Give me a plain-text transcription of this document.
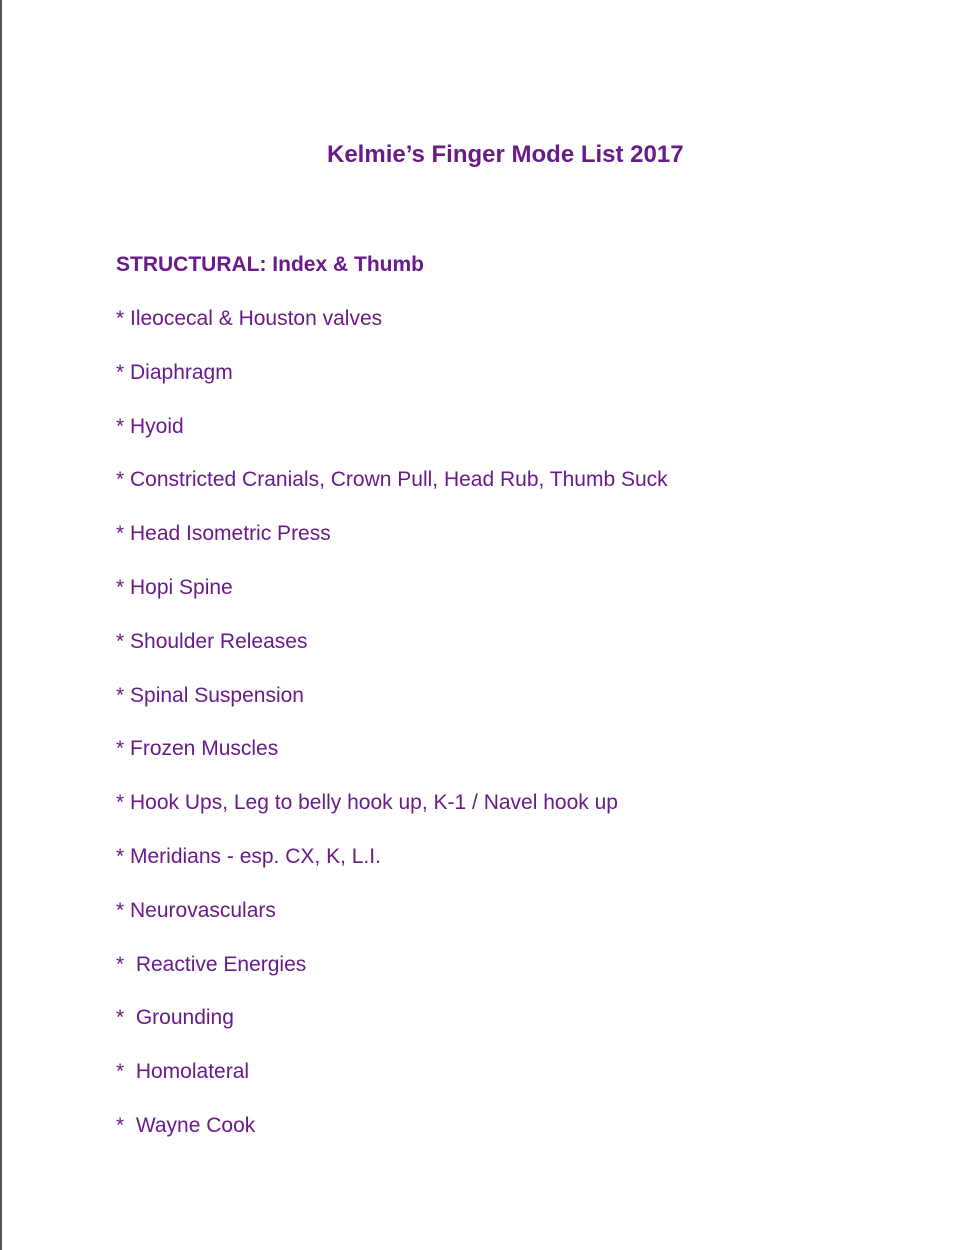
Kelmie’s Finger Mode List 2017
STRUCTURAL: Index & Thumb
* Ileocecal & Houston valves
* Diaphragm
* Hyoid
* Constricted Cranials, Crown Pull, Head Rub, Thumb Suck
* Head Isometric Press
* Hopi Spine
* Shoulder Releases
* Spinal Suspension
* Frozen Muscles
* Hook Ups, Leg to belly hook up, K-1 / Navel hook up
* Meridians - esp. CX, K, L.I.
* Neurovasculars
*  Reactive Energies
*  Grounding
*  Homolateral
*  Wayne Cook
